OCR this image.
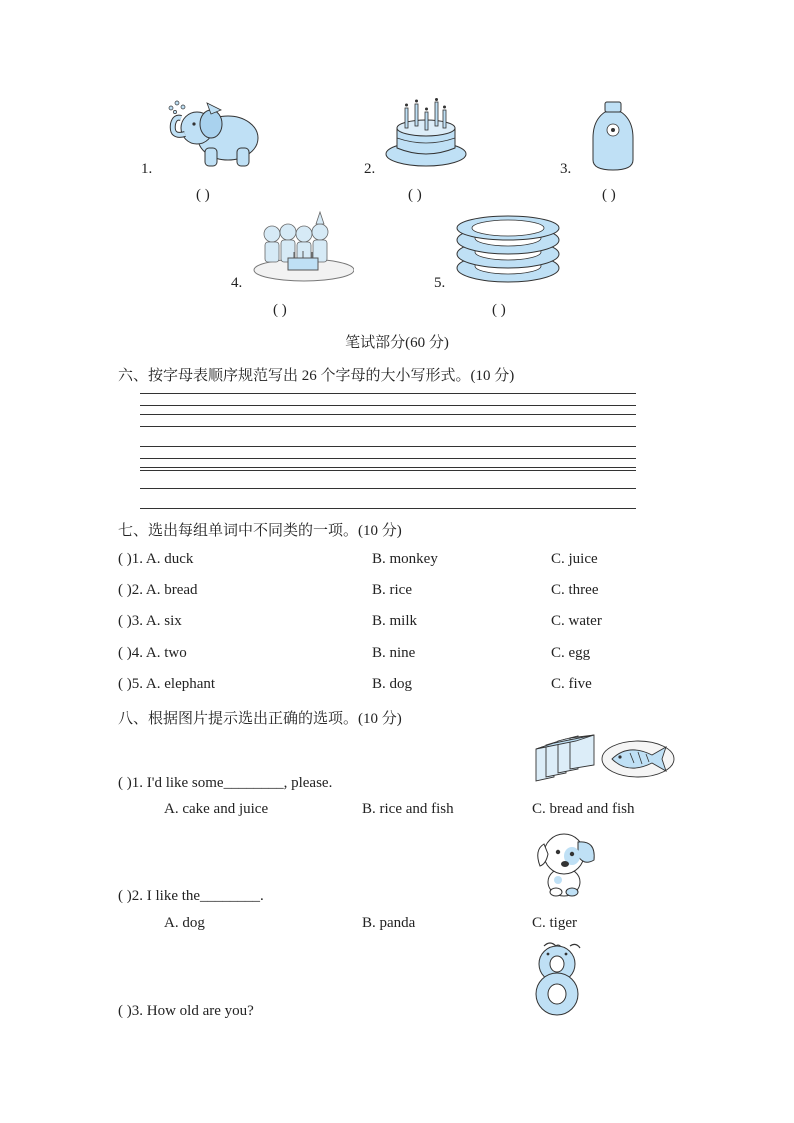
1.
( )
2.
( )
3.
( )
4.
( )
5.
( )
笔试部分(60 分)
六、按字母表顺序规范写出 26 个字母的大小写形式。(10 分)
七、选出每组单词中不同类的一项。(10 分)
( )1. A. duck	B. monkey	C. juice
( )2. A. bread	B. rice	C. three
( )3. A. six	B. milk	C. water
( )4. A. two	B. nine	C. egg
( )5. A. elephant	B. dog	C. five
八、根据图片提示选出正确的选项。(10 分)
( )1. I'd like some________, please.
A. cake and juice	B. rice and fish	C. bread and fish
( )2. I like the________.
A. dog	B. panda	C. tiger
( )3. How old are you?
